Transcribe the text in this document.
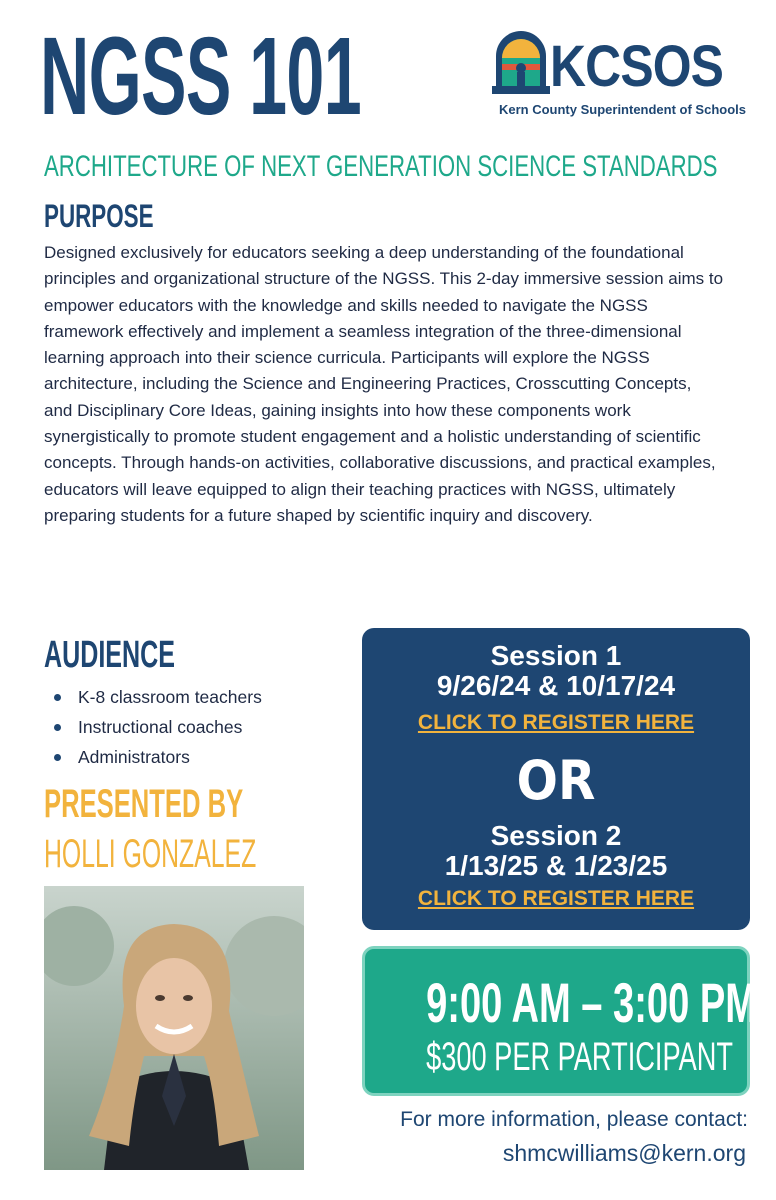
NGSS 101	KCSOS
Kern County Superintendent of Schools
ARCHITECTURE OF NEXT GENERATION SCIENCE STANDARDS
PURPOSE

Designed exclusively for educators seeking a deep understanding of the foundational principles and organizational structure of the NGSS. This 2-day immersive session aims to empower educators with the knowledge and skills needed to navigate the NGSS framework effectively and implement a seamless integration of the three-dimensional learning approach into their science curricula. Participants will explore the NGSS architecture, including the Science and Engineering Practices, Crosscutting Concepts, and Disciplinary Core Ideas, gaining insights into how these components work synergistically to promote student engagement and a holistic understanding of scientific concepts. Through hands-on activities, collaborative discussions, and practical examples, educators will leave equipped to align their teaching practices with NGSS, ultimately preparing students for a future shaped by scientific inquiry and discovery.

AUDIENCE
K-8 classroom teachers
Instructional coaches
Administrators
PRESENTED BY
HOLLI GONZALEZ
Session 1
9/26/24 & 10/17/24
CLICK TO REGISTER HERE
OR
Session 2
1/13/25 & 1/23/25
CLICK TO REGISTER HERE
9:00 AM – 3:00 PM
$300 PER PARTICIPANT
For more information, please contact:
shmcwilliams@kern.org
